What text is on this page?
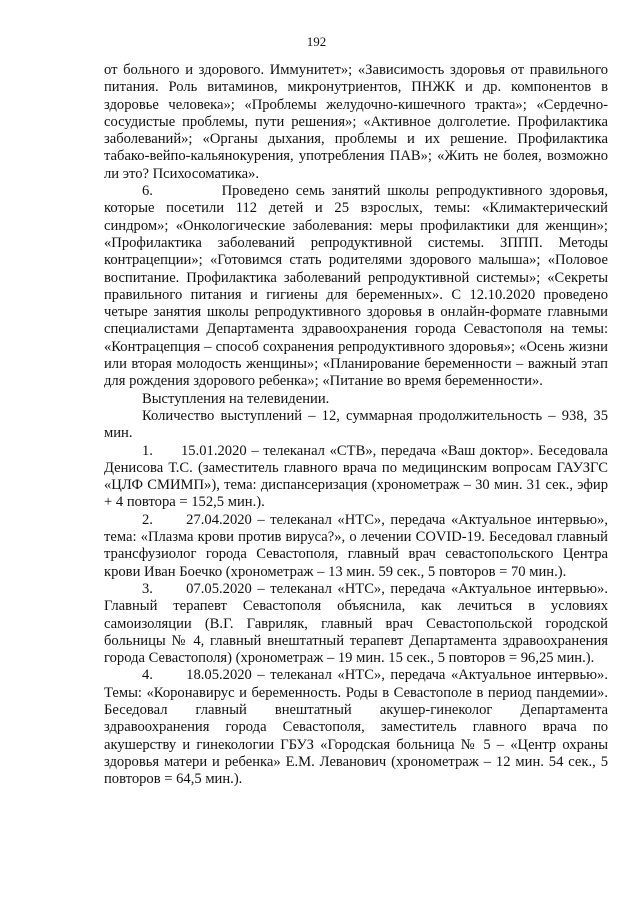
192

от больного и здорового. Иммунитет»; «Зависимость здоровья от правильного питания. Роль витаминов, микронутриентов, ПНЖК и др. компонентов в здоровье человека»; «Проблемы желудочно-кишечного тракта»; «Сердечно-сосудистые проблемы, пути решения»; «Активное долголетие. Профилактика заболеваний»; «Органы дыхания, проблемы и их решение. Профилактика табако-вейпо-кальянокурения, употребления ПАВ»; «Жить не болея, возможно ли это? Психосоматика».

6.          Проведено семь занятий школы репродуктивного здоровья, которые посетили 112 детей и 25 взрослых, темы: «Климактерический синдром»; «Онкологические заболевания: меры профилактики для женщин»; «Профилактика заболеваний репродуктивной системы. ЗППП. Методы контрацепции»; «Готовимся стать родителями здорового малыша»; «Половое воспитание. Профилактика заболеваний репродуктивной системы»; «Секреты правильного питания и гигиены для беременных». С 12.10.2020 проведено четыре занятия школы репродуктивного здоровья в онлайн-формате главными специалистами Департамента здравоохранения города Севастополя на темы: «Контрацепция – способ сохранения репродуктивного здоровья»; «Осень жизни или вторая молодость женщины»; «Планирование беременности – важный этап для рождения здорового ребенка»; «Питание во время беременности».

Выступления на телевидении.

Количество выступлений – 12, суммарная продолжительность – 938, 35 мин.

1.      15.01.2020 – телеканал «СТВ», передача «Ваш доктор». Беседовала Денисова Т.С. (заместитель главного врача по медицинским вопросам ГАУЗГС «ЦЛФ СМИМП»), тема: диспансеризация (хронометраж – 30 мин. 31 сек., эфир + 4 повтора = 152,5 мин.).

2.      27.04.2020 – телеканал «НТС», передача «Актуальное интервью», тема: «Плазма крови против вируса?», о лечении COVID-19. Беседовал главный трансфузиолог города Севастополя, главный врач севастопольского Центра крови Иван Боечко (хронометраж – 13 мин. 59 сек., 5 повторов = 70 мин.).

3.      07.05.2020 – телеканал «НТС», передача «Актуальное интервью». Главный терапевт Севастополя объяснила, как лечиться в условиях самоизоляции (В.Г. Гавриляк, главный врач Севастопольской городской больницы № 4, главный внештатный терапевт Департамента здравоохранения города Севастополя) (хронометраж – 19 мин. 15 сек., 5 повторов = 96,25 мин.).

4.      18.05.2020 – телеканал «НТС», передача «Актуальное интервью». Темы: «Коронавирус и беременность. Роды в Севастополе в период пандемии». Беседовал главный внештатный акушер-гинеколог Департамента здравоохранения города Севастополя, заместитель главного врача по акушерству и гинекологии ГБУЗ «Городская больница № 5 – «Центр охраны здоровья матери и ребенка» Е.М. Леванович (хронометраж – 12 мин. 54 сек., 5 повторов = 64,5 мин.).
